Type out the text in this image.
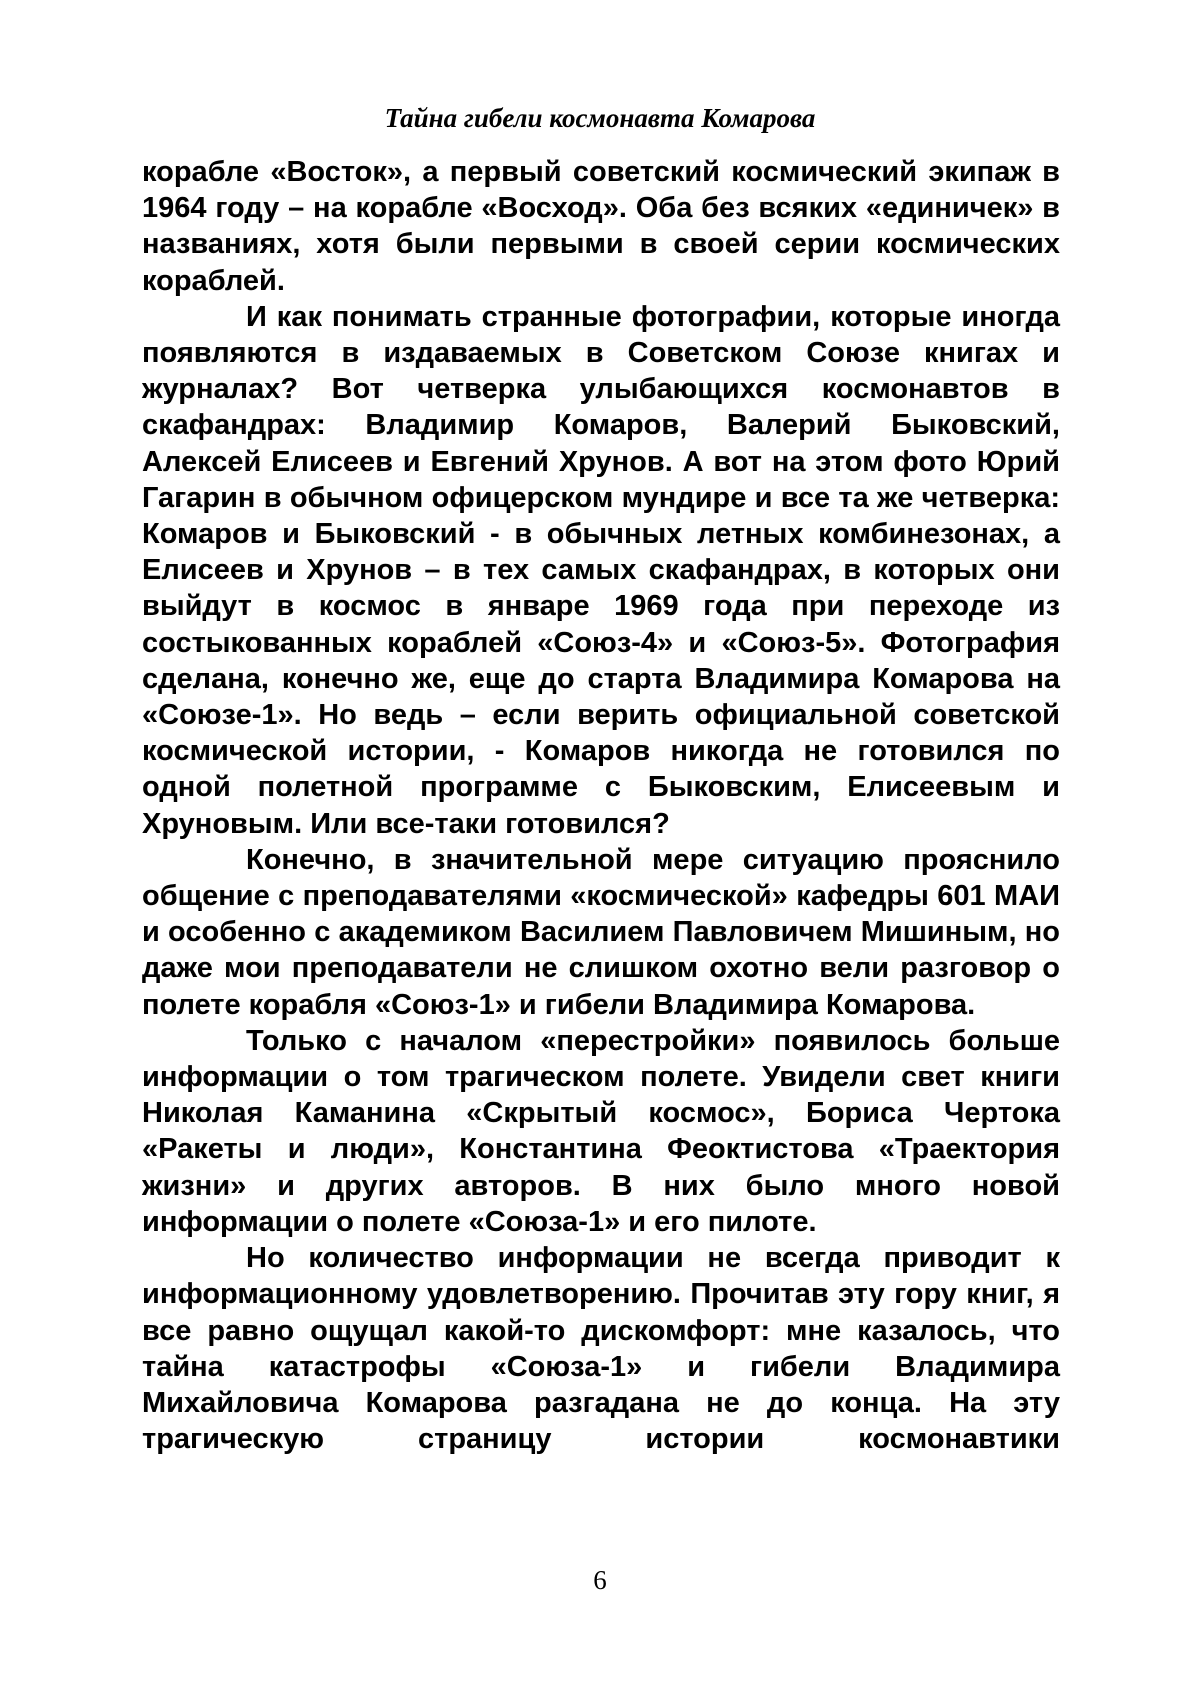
Тайна гибели космонавта Комарова

корабле «Восток», а первый советский космический экипаж в 1964 году – на корабле «Восход». Оба без всяких «единичек» в названиях, хотя были первыми в своей серии космических кораблей.

И как понимать странные фотографии, которые иногда появляются в издаваемых в Советском Союзе книгах и журналах? Вот четверка улыбающихся космонавтов в скафандрах: Владимир Комаров, Валерий Быковский, Алексей Елисеев и Евгений Хрунов. А вот на этом фото Юрий Гагарин в обычном офицерском мундире и все та же четверка: Комаров и Быковский - в обычных летных комбинезонах, а Елисеев и Хрунов – в тех самых скафандрах, в которых они выйдут в космос в январе 1969 года при переходе из состыкованных кораблей «Союз-4» и «Союз-5». Фотография сделана, конечно же, еще до старта Владимира Комарова на «Союзе-1». Но ведь – если верить официальной советской космической истории, - Комаров никогда не готовился по одной полетной программе с Быковским, Елисеевым и Хруновым. Или все-таки готовился?

Конечно, в значительной мере ситуацию прояснило общение с преподавателями «космической» кафедры 601 МАИ и особенно с академиком Василием Павловичем Мишиным, но даже мои преподаватели не слишком охотно вели разговор о полете корабля «Союз-1» и гибели Владимира Комарова.

Только с началом «перестройки» появилось больше информации о том трагическом полете. Увидели свет книги Николая Каманина «Скрытый космос», Бориса Чертока «Ракеты и люди», Константина Феоктистова «Траектория жизни» и других авторов. В них было много новой информации о полете «Союза-1» и его пилоте.

Но количество информации не всегда приводит к информационному удовлетворению. Прочитав эту гору книг, я все равно ощущал какой-то дискомфорт: мне казалось, что тайна катастрофы «Союза-1» и гибели Владимира Михайловича Комарова разгадана не до конца. На эту трагическую страницу истории космонавтики

6
